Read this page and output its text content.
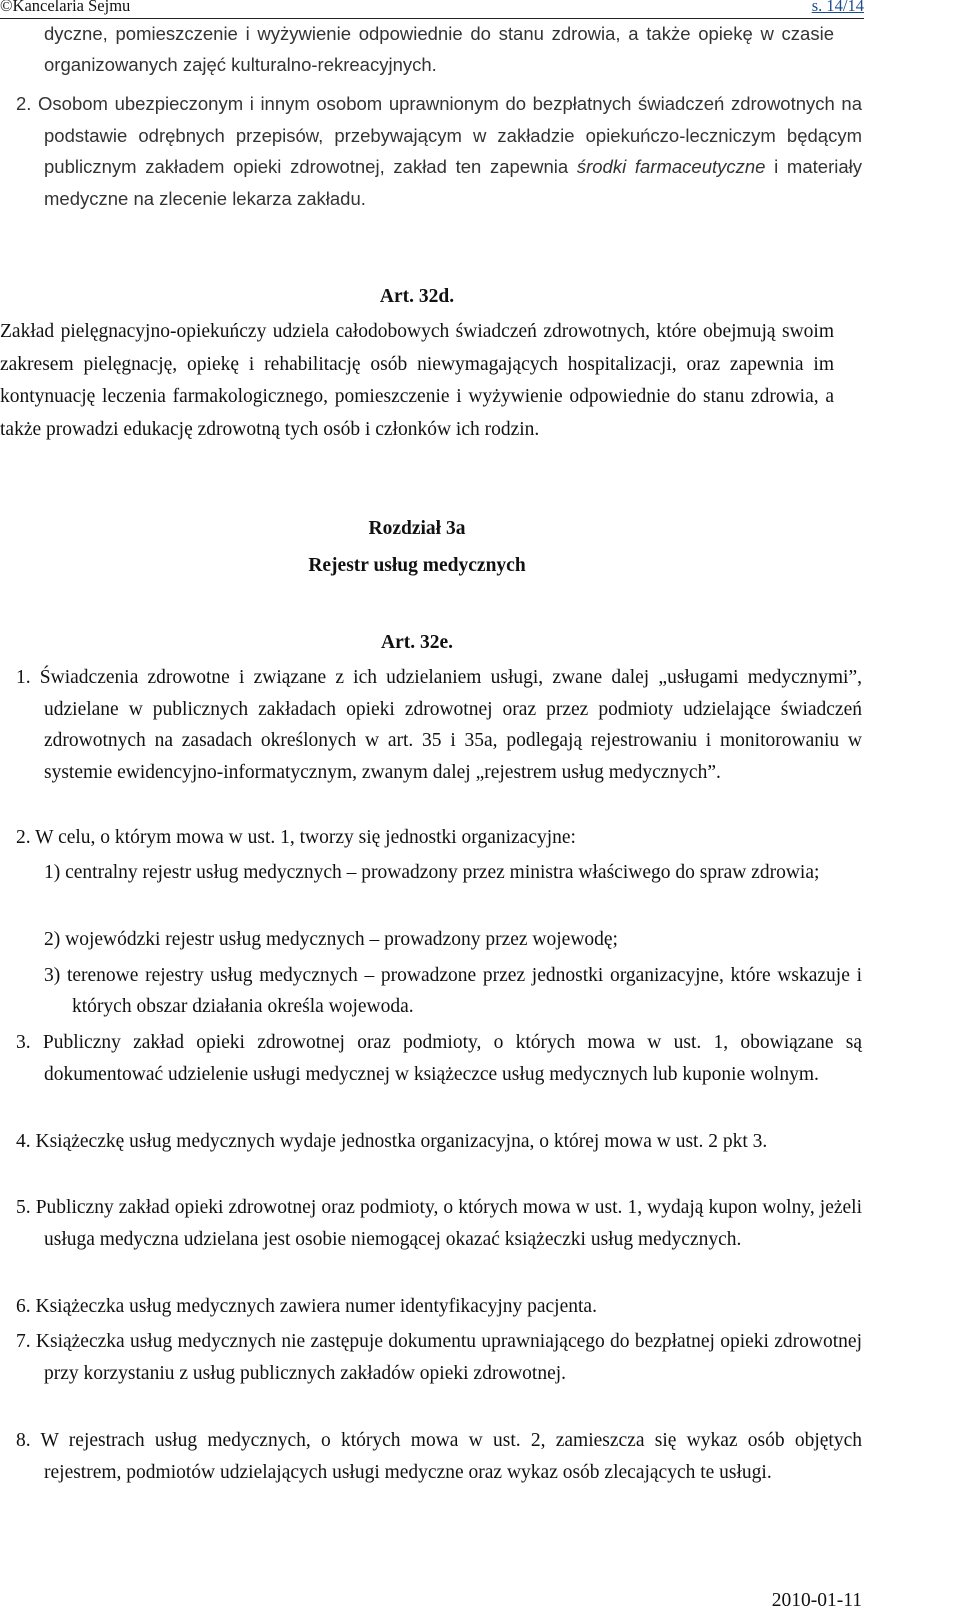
©Kancelaria Sejmu	s. 14/14

dyczne, pomieszczenie i wyżywienie odpowiednie do stanu zdrowia, a także opiekę w czasie organizowanych zajęć kulturalno-rekreacyjnych.

2. Osobom ubezpieczonym i innym osobom uprawnionym do bezpłatnych świadczeń zdrowotnych na podstawie odrębnych przepisów, przebywającym w zakładzie opiekuńczo-leczniczym będącym publicznym zakładem opieki zdrowotnej, zakład ten zapewnia środki farmaceutyczne i materiały medyczne na zlecenie lekarza zakładu.

Art. 32d.

Zakład pielęgnacyjno-opiekuńczy udziela całodobowych świadczeń zdrowotnych, które obejmują swoim zakresem pielęgnację, opiekę i rehabilitację osób niewymagających hospitalizacji, oraz zapewnia im kontynuację leczenia farmakologicznego, pomieszczenie i wyżywienie odpowiednie do stanu zdrowia, a także prowadzi edukację zdrowotną tych osób i członków ich rodzin.

Rozdział 3a
Rejestr usług medycznych
Art. 32e.

1. Świadczenia zdrowotne i związane z ich udzielaniem usługi, zwane dalej „usługami medycznymi”, udzielane w publicznych zakładach opieki zdrowotnej oraz przez podmioty udzielające świadczeń zdrowotnych na zasadach określonych w art. 35 i 35a, podlegają rejestrowaniu i monitorowaniu w systemie ewidencyjno-informatycznym, zwanym dalej „rejestrem usług medycznych”.

2. W celu, o którym mowa w ust. 1, tworzy się jednostki organizacyjne:

1) centralny rejestr usług medycznych – prowadzony przez ministra właściwego do spraw zdrowia;

2) wojewódzki rejestr usług medycznych – prowadzony przez wojewodę;

3) terenowe rejestry usług medycznych – prowadzone przez jednostki organizacyjne, które wskazuje i których obszar działania określa wojewoda.

3. Publiczny zakład opieki zdrowotnej oraz podmioty, o których mowa w ust. 1, obowiązane są dokumentować udzielenie usługi medycznej w książeczce usług medycznych lub kuponie wolnym.

4. Książeczkę usług medycznych wydaje jednostka organizacyjna, o której mowa w ust. 2 pkt 3.

5. Publiczny zakład opieki zdrowotnej oraz podmioty, o których mowa w ust. 1, wydają kupon wolny, jeżeli usługa medyczna udzielana jest osobie niemogącej okazać książeczki usług medycznych.

6. Książeczka usług medycznych zawiera numer identyfikacyjny pacjenta.

7. Książeczka usług medycznych nie zastępuje dokumentu uprawniającego do bezpłatnej opieki zdrowotnej przy korzystaniu z usług publicznych zakładów opieki zdrowotnej.

8. W rejestrach usług medycznych, o których mowa w ust. 2, zamieszcza się wykaz osób objętych rejestrem, podmiotów udzielających usługi medyczne oraz wykaz osób zlecających te usługi.

2010-01-11
